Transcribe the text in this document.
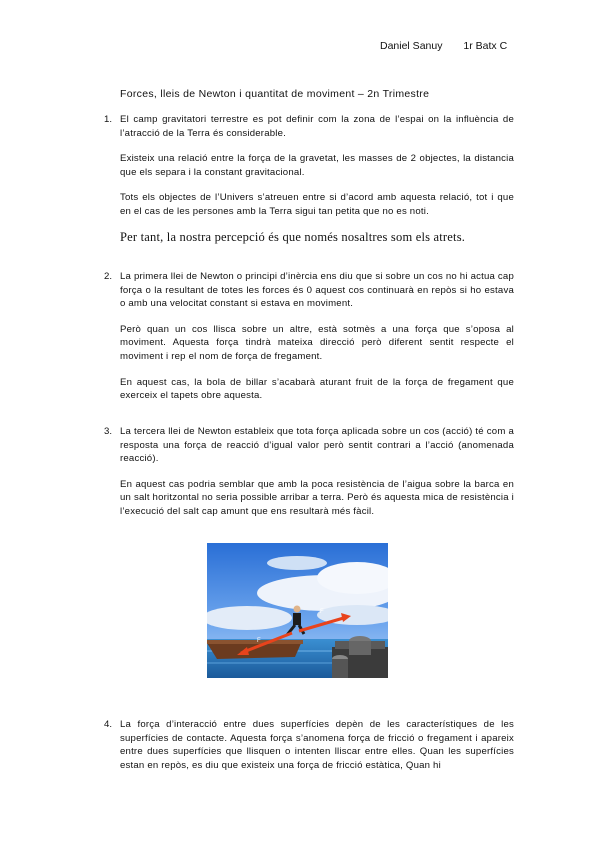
Daniel Sanuy 1r Batx C
Forces, lleis de Newton i quantitat de moviment – 2n Trimestre
1. El camp gravitatori terrestre es pot definir com la zona de l’espai on la influència de l’atracció de la Terra és considerable.

Existeix una relació entre la força de la gravetat, les masses de 2 objectes, la distancia que els separa i la constant gravitacional.

Tots els objectes de l’Univers s’atreuen entre si d’acord amb aquesta relació, tot i que en el cas de les persones amb la Terra sigui tan petita que no es noti.

Per tant, la nostra percepció és que només nosaltres som els atrets.

2. La primera llei de Newton o principi d’inèrcia ens diu que si sobre un cos no hi actua cap força o la resultant de totes les forces és 0 aquest cos continuarà en repòs si ho estava o amb una velocitat constant si estava en moviment.

Però quan un cos llisca sobre un altre, està sotmès a una força que s’oposa al moviment. Aquesta força tindrà mateixa direcció però diferent sentit respecte el moviment i rep el nom de força de fregament.

En aquest cas, la bola de billar s’acabarà aturant fruit de la força de fregament que exerceix el tapets obre aquesta.

3. La tercera llei de Newton estableix que tota força aplicada sobre un cos (acció) té com a resposta una força de reacció d’igual valor però sentit contrari a l’acció (anomenada reacció).

En aquest cas podria semblar que amb la poca resistència de l’aigua sobre la barca en un salt horitzontal no seria possible arribar a terra. Però és aquesta mica de resistència i l’execució del salt cap amunt que ens resultarà més fàcil.

F
F
4. La força d’interacció entre dues superfícies depèn de les característiques de les superfícies de contacte. Aquesta força s’anomena força de fricció o fregament i apareix entre dues superfícies que llisquen o intenten lliscar entre elles. Quan les superfícies estan en repòs, es diu que existeix una força de fricció estàtica, Quan hi
